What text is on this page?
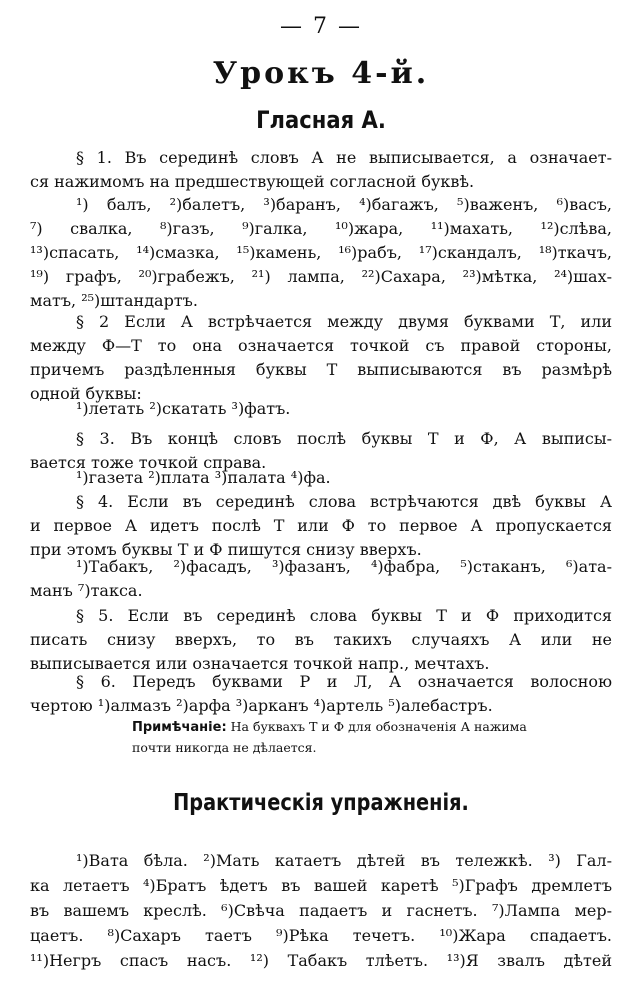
— 7 —
Урокъ 4-й.
Гласная А.

§ 1. Въ серединѣ словъ А не выписывается, а означает-
ся нажимомъ на предшествующей согласной буквѣ.

¹) балъ, ²)балетъ, ³)баранъ, ⁴)багажъ, ⁵)важенъ, ⁶)васъ,
⁷) свалка, ⁸)газъ, ⁹)галка, ¹⁰)жара, ¹¹)махать, ¹²)слѣва,
¹³)спасать, ¹⁴)смазка, ¹⁵)камень, ¹⁶)рабъ, ¹⁷)скандалъ, ¹⁸)ткачъ,
¹⁹) графъ, ²⁰)грабежъ, ²¹) лампа, ²²)Сахара, ²³)мѣтка, ²⁴)шах-
матъ, ²⁵)штандартъ.

§ 2 Если А встрѣчается между двумя буквами Т, или
между Ф—Т то она означается точкой съ правой стороны,
причемъ раздѣленныя буквы Т выписываются въ размѣрѣ
одной буквы:

¹)летать ²)скатать ³)фатъ.

§ 3. Въ концѣ словъ послѣ буквы Т и Ф, А выписы-
вается тоже точкой справа.

¹)газета ²)плата ³)палата ⁴)фа.

§ 4. Если въ серединѣ слова встрѣчаются двѣ буквы А
и первое А идетъ послѣ Т или Ф то первое А пропускается
при этомъ буквы Т и Ф пишутся снизу вверхъ.

¹)Табакъ, ²)фасадъ, ³)фазанъ, ⁴)фабра, ⁵)стаканъ, ⁶)ата-
манъ ⁷)такса.

§ 5. Если въ серединѣ слова буквы Т и Ф приходится
писать снизу вверхъ, то въ такихъ случаяхъ А или не
выписывается или означается точкой напр., мечтахъ.

§ 6. Передъ буквами Р и Л, А означается волосною
чертою ¹)алмазъ ²)арфа ³)арканъ ⁴)артель ⁵)алебастръ.

Примѣчаніе: На буквахъ Т и Ф для обозначенія А нажима
почти никогда не дѣлается.
Практическія упражненія.

¹)Вата бѣла. ²)Мать катаетъ дѣтей въ тележкѣ. ³) Гал-
ка летаетъ ⁴)Братъ ѣдетъ въ вашей каретѣ ⁵)Графъ дремлетъ
въ вашемъ креслѣ. ⁶)Свѣча падаетъ и гаснетъ. ⁷)Лампа мер-
цаетъ. ⁸)Сахаръ таетъ ⁹)Рѣка течетъ. ¹⁰)Жара спадаетъ.
¹¹)Негръ спасъ насъ. ¹²) Табакъ тлѣетъ. ¹³)Я звалъ дѣтей
